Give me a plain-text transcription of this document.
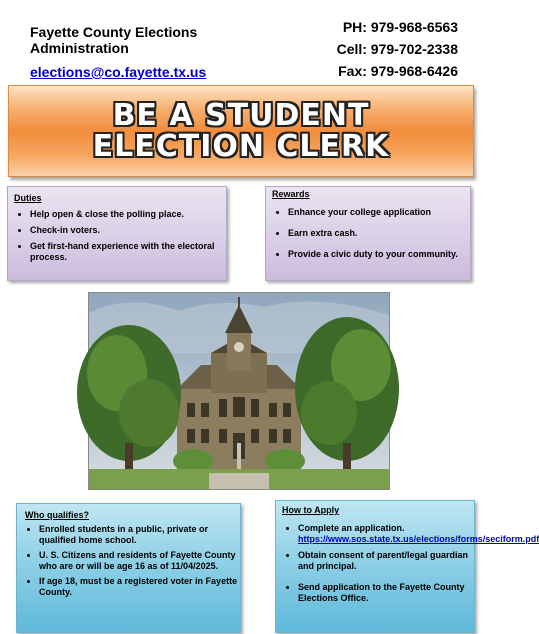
Fayette County Elections Administration
elections@co.fayette.tx.us
PH: 979-968-6563
Cell: 979-702-2338
Fax: 979-968-6426
BE A STUDENT
ELECTION CLERK

Duties

• Help open & close the polling place.
• Check-in voters.
• Get first-hand experience with the electoral process.

Rewards

• Enhance your college application
• Earn extra cash.
• Provide a civic duty to your community.

Who qualifies?

• Enrolled students in a public, private or qualified home school.
• U. S. Citizens and residents of Fayette County who are or will be age 16 as of 11/04/2025.
• If age 18, must be a registered voter in Fayette County.

How to Apply

• Complete an application.
https://www.sos.state.tx.us/elections/forms/seciform.pdf
• Obtain consent of parent/legal guardian and principal.
• Send application to the Fayette County Elections Office.
